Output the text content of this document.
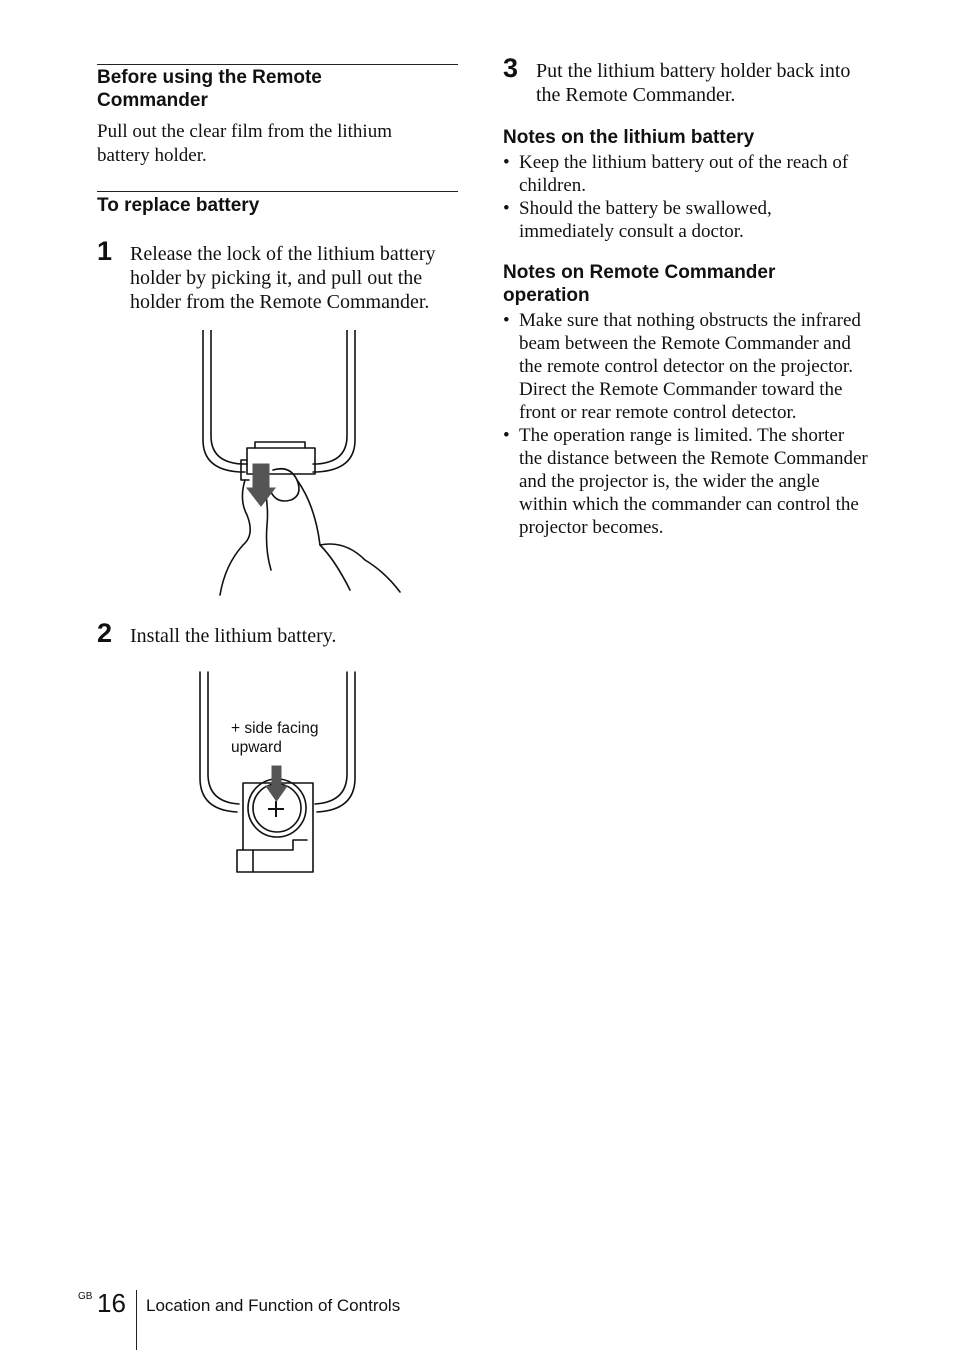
Before using the Remote Commander

Pull out the clear film from the lithium battery holder.

To replace battery
1 Release the lock of the lithium battery holder by picking it, and pull out the holder from the Remote Commander.
2 Install the lithium battery.
+ side facing
upward
3 Put the lithium battery holder back into the Remote Commander.
Notes on the lithium battery
• Keep the lithium battery out of the reach of children.
• Should the battery be swallowed, immediately consult a doctor.
Notes on Remote Commander operation
• Make sure that nothing obstructs the infrared beam between the Remote Commander and the remote control detector on the projector. Direct the Remote Commander toward the front or rear remote control detector.
• The operation range is limited. The shorter the distance between the Remote Commander and the projector is, the wider the angle within which the commander can control the projector becomes.
GB 16 Location and Function of Controls
